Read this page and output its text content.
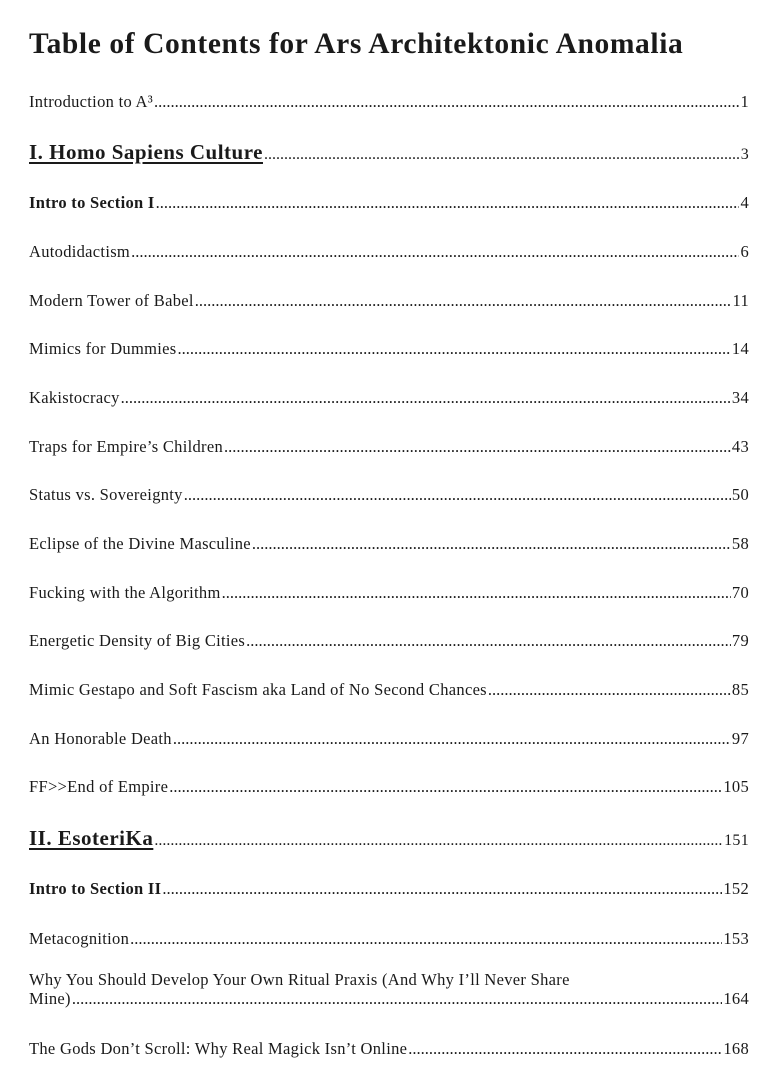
Table of Contents for Ars Architektonic Anomalia
Introduction to A³ .....	1
I. Homo Sapiens Culture .....	3
Intro to Section I .....	4
Autodidactism .....	6
Modern Tower of Babel .....	11
Mimics for Dummies .....	14
Kakistocracy .....	34
Traps for Empire’s Children .....	43
Status vs. Sovereignty .....	50
Eclipse of the Divine Masculine .....	58
Fucking with the Algorithm .....	70
Energetic Density of Big Cities .....	79
Mimic Gestapo and Soft Fascism aka Land of No Second Chances .....	85
An Honorable Death .....	97
FF>>End of Empire .....	105
II. EsoteriKa .....	151
Intro to Section II .....	152
Metacognition .....	153
Why You Should Develop Your Own Ritual Praxis (And Why I’ll Never Share
Mine) .....	164
The Gods Don’t Scroll: Why Real Magick Isn’t Online .....	168
